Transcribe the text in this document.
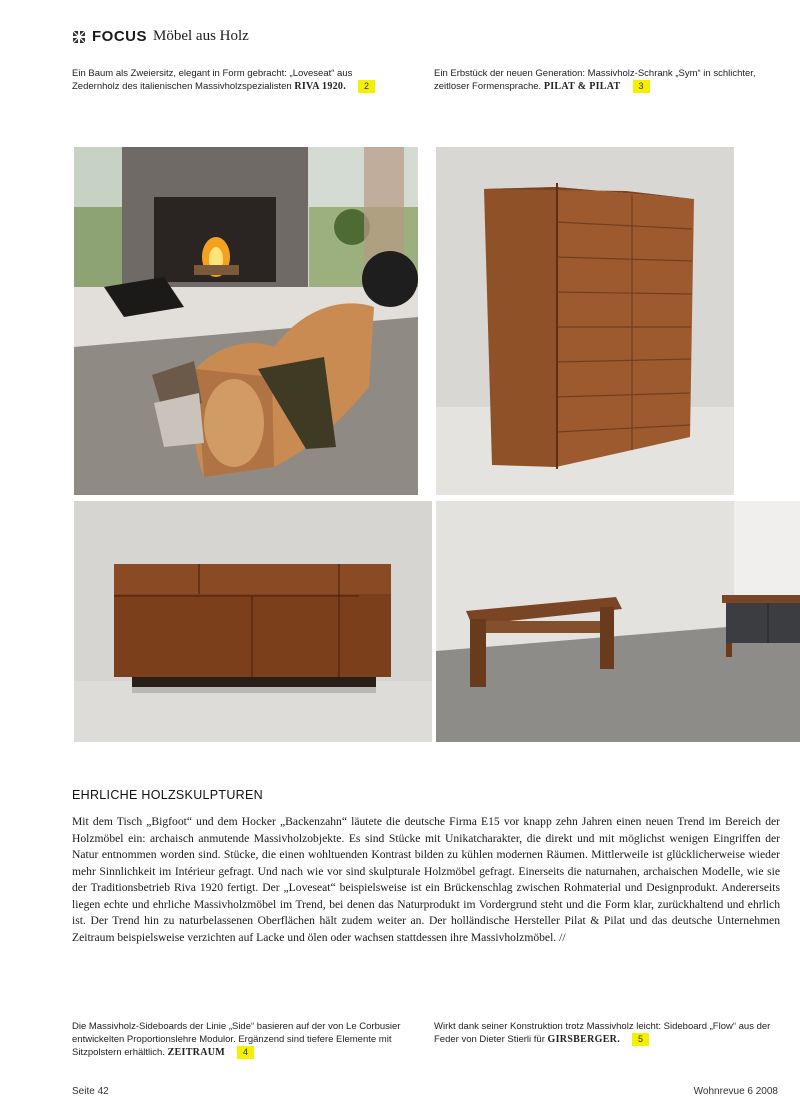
FOCUS Möbel aus Holz
Ein Baum als Zweiersitz, elegant in Form gebracht: „Loveseat“ aus Zedernholz des italienischen Massivholzspezialisten RIVA 1920. 2
Ein Erbstück der neuen Generation: Massivholz-Schrank „Sym“ in schlichter, zeitloser Formensprache. PILAT & PILAT 3
EHRLICHE HOLZSKULPTUREN
Mit dem Tisch „Bigfoot“ und dem Hocker „Backenzahn“ läutete die deutsche Firma E15 vor knapp zehn Jahren einen neuen Trend im Bereich der Holzmöbel ein: archaisch anmutende Massivholzobjekte. Es sind Stücke mit Unikatcharakter, die direkt und mit möglichst wenigen Eingriffen der Natur entnommen worden sind. Stücke, die einen wohltuenden Kontrast bilden zu kühlen modernen Räumen. Mittlerweile ist glücklicherweise wieder mehr Sinnlichkeit im Intérieur gefragt. Und nach wie vor sind skulpturale Holzmöbel gefragt. Einerseits die naturnahen, archaischen Modelle, wie sie der Traditionsbetrieb Riva 1920 fertigt. Der „Loveseat“ beispielsweise ist ein Brückenschlag zwischen Rohmaterial und Designprodukt. Andererseits liegen echte und ehrliche Massivholzmöbel im Trend, bei denen das Naturprodukt im Vordergrund steht und die Form klar, zurückhaltend und ehrlich ist. Der Trend hin zu naturbelassenen Oberflächen hält zudem weiter an. Der holländische Hersteller Pilat & Pilat und das deutsche Unternehmen Zeitraum beispielsweise verzichten auf Lacke und ölen oder wachsen stattdessen ihre Massivholzmöbel. //
Die Massivholz-Sideboards der Linie „Side“ basieren auf der von Le Corbusier entwickelten Proportionslehre Modulor. Ergänzend sind tiefere Elemente mit Sitzpolstern erhältlich. ZEITRAUM 4
Wirkt dank seiner Konstruktion trotz Massivholz leicht: Sideboard „Flow“ aus der Feder von Dieter Stierli für GIRSBERGER. 5
Seite 42	Wohnrevue 6 2008
